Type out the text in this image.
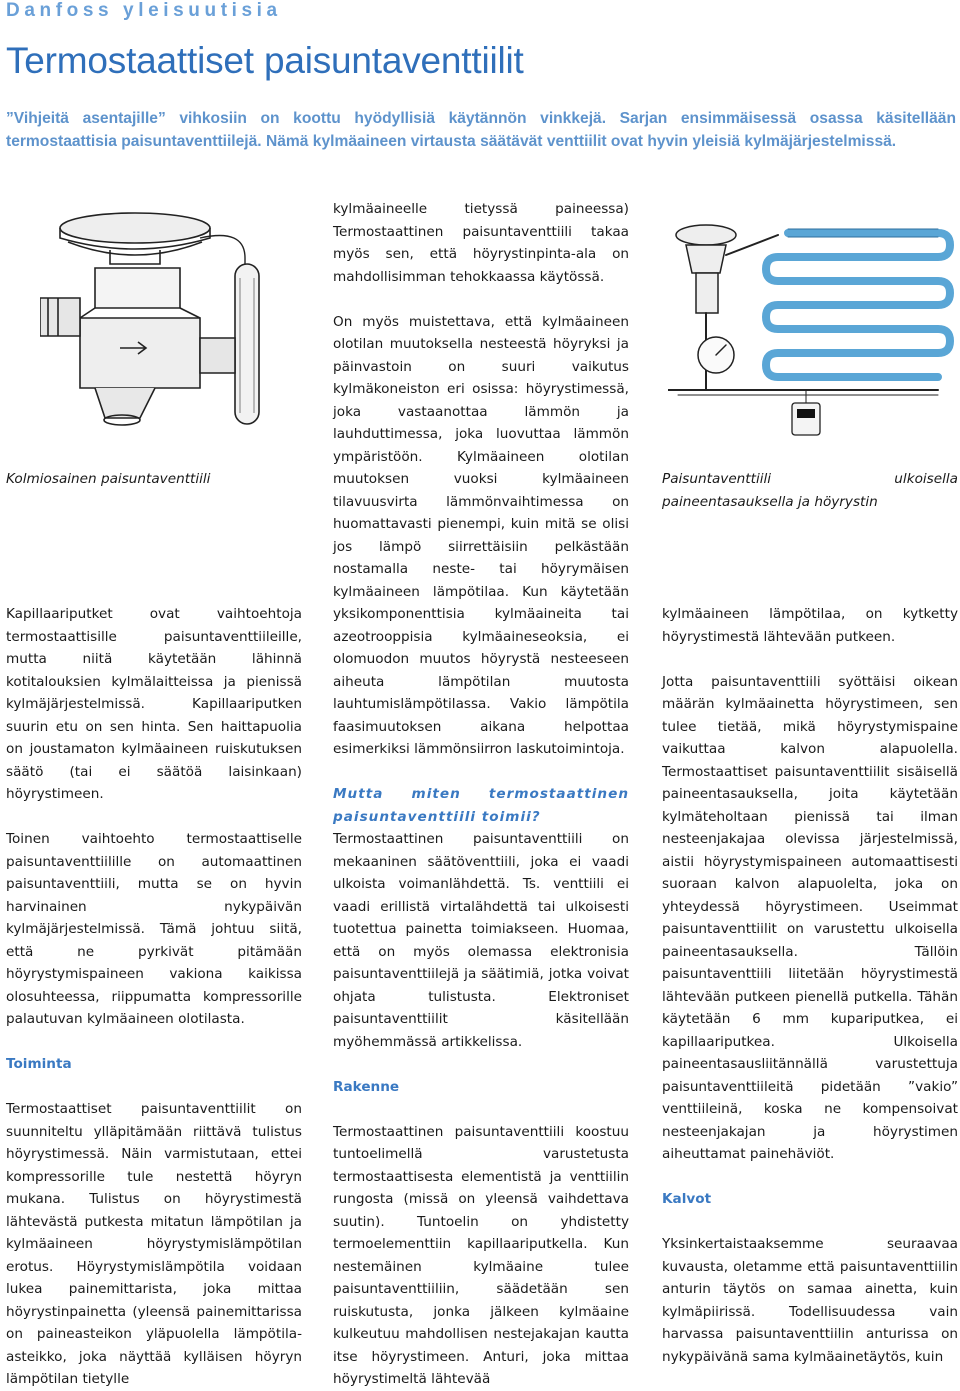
Danfoss yleisuutisia
Termostaattiset paisuntaventtiilit
”Vihjeitä asentajille” vihkosiin on koottu hyödyllisiä käytännön vinkkejä. Sarjan ensimmäisessä osassa käsitellään termostaattisia paisuntaventtiilejä. Nämä kylmäaineen virtausta säätävät venttiilit ovat hyvin yleisiä kylmäjärjestelmissä.

Kolmiosainen paisuntaventtiili

Kapillaariputket ovat vaihtoehtoja termostaattisille paisuntaventtiileille, mutta niitä käytetään lähinnä kotitalouksien kylmälaitteissa ja pienissä kylmäjärjestelmissä. Kapillaariputken suurin etu on sen hinta. Sen haittapuolia on joustamaton kylmäaineen ruiskutuksen säätö (tai ei säätöä laisinkaan) höyrystimeen.

Toinen vaihtoehto termostaattiselle paisuntaventtiilille on automaattinen paisuntaventtiili, mutta se on hyvin harvinainen nykypäivän kylmäjärjestelmissä. Tämä johtuu siitä, että ne pyrkivät pitämään höyrystymispaineen vakiona kaikissa olosuhteessa, riippumatta kompressorille palautuvan kylmäaineen olotilasta.

Toiminta

Termostaattiset paisuntaventtiilit on suunniteltu ylläpitämään riittävä tulistus höyrystimessä. Näin varmistutaan, ettei kompressorille tule nestettä höyryn mukana. Tulistus on höyrystimestä lähtevästä putkesta mitatun lämpötilan ja kylmäaineen höyrystymislämpötilan erotus. Höyrystymislämpötila voidaan lukea painemittarista, joka mittaa höyrystinpainetta (yleensä painemittarissa on paineasteikon yläpuolella lämpötila-asteikko, joka näyttää kylläisen höyryn lämpötilan tietylle

kylmäaineelle tietyssä paineessa) Termostaattinen paisuntaventtiili takaa myös sen, että höyrystinpinta-ala on mahdollisimman tehokkaassa käytössä.

On myös muistettava, että kylmäaineen olotilan muutoksella nesteestä höyryksi ja päinvastoin on suuri vaikutus kylmäkoneiston eri osissa: höyrystimessä, joka vastaanottaa lämmön ja lauhduttimessa, joka luovuttaa lämmön ympäristöön. Kylmäaineen olotilan muutoksen vuoksi kylmäaineen tilavuusvirta lämmönvaihtimessa on huomattavasti pienempi, kuin mitä se olisi jos lämpö siirrettäisiin pelkästään nostamalla neste- tai höyrymäisen kylmäaineen lämpötilaa. Kun käytetään yksikomponenttisia kylmäaineita tai azeotrooppisia kylmäaineseoksia, ei olomuodon muutos höyrystä nesteeseen aiheuta lämpötilan muutosta lauhtumislämpötilassa. Vakio lämpötila faasimuutoksen aikana helpottaa esimerkiksi lämmönsiirron laskutoimintoja.

Mutta miten termostaattinen paisuntaventtiili toimii?

Termostaattinen paisuntaventtiili on mekaaninen säätöventtiili, joka ei vaadi ulkoista voimanlähdettä. Ts. venttiili ei vaadi erillistä virtalähdettä tai ulkoisesti tuotettua painetta toimiakseen. Huomaa, että on myös olemassa elektronisia paisuntaventtiilejä ja säätimiä, jotka voivat ohjata tulistusta. Elektroniset paisuntaventtiilit käsitellään myöhemmässä artikkelissa.

Rakenne

Termostaattinen paisuntaventtiili koostuu tuntoelimellä varustetusta termostaattisesta elementistä ja venttiilin rungosta (missä on yleensä vaihdettava suutin). Tuntoelin on yhdistetty termoelementtiin kapillaariputkella. Kun nestemäinen kylmäaine tulee paisuntaventtiiliin, säädetään sen ruiskutusta, jonka jälkeen kylmäaine kulkeutuu mahdollisen nestejakajan kautta itse höyrystimeen. Anturi, joka mittaa höyrystimeltä lähtevää

Paisuntaventtiili ulkoisella paineentasauksella ja höyrystin

kylmäaineen lämpötilaa, on kytketty höyrystimestä lähtevään putkeen.

Jotta paisuntaventtiili syöttäisi oikean määrän kylmäainetta höyrystimeen, sen tulee tietää, mikä höyrystymispaine vaikuttaa kalvon alapuolella. Termostaattiset paisuntaventtiilit sisäisellä paineentasauksella, joita käytetään kylmäteholtaan pienissä tai ilman nesteenjakajaa olevissa järjestelmissä, aistii höyrystymispaineen automaattisesti suoraan kalvon alapuolelta, joka on yhteydessä höyrystimeen. Useimmat paisuntaventtiilit on varustettu ulkoisella paineentasauksella. Tällöin paisuntaventtiili liitetään höyrystimestä lähtevään putkeen pienellä putkella. Tähän käytetään 6 mm kupariputkea, ei kapillaariputkea. Ulkoisella paineentasausliitännällä varustettuja paisuntaventtiileitä pidetään ”vakio” venttiileinä, koska ne kompensoivat nesteenjakajan ja höyrystimen aiheuttamat painehäviöt.

Kalvot

Yksinkertaistaaksemme seuraavaa kuvausta, oletamme että paisuntaventtiilin anturin täytös on samaa ainetta, kuin kylmäpiirissä. Todellisuudessa vain harvassa paisuntaventtiilin anturissa on nykypäivänä sama kylmäainetäytös, kuin
